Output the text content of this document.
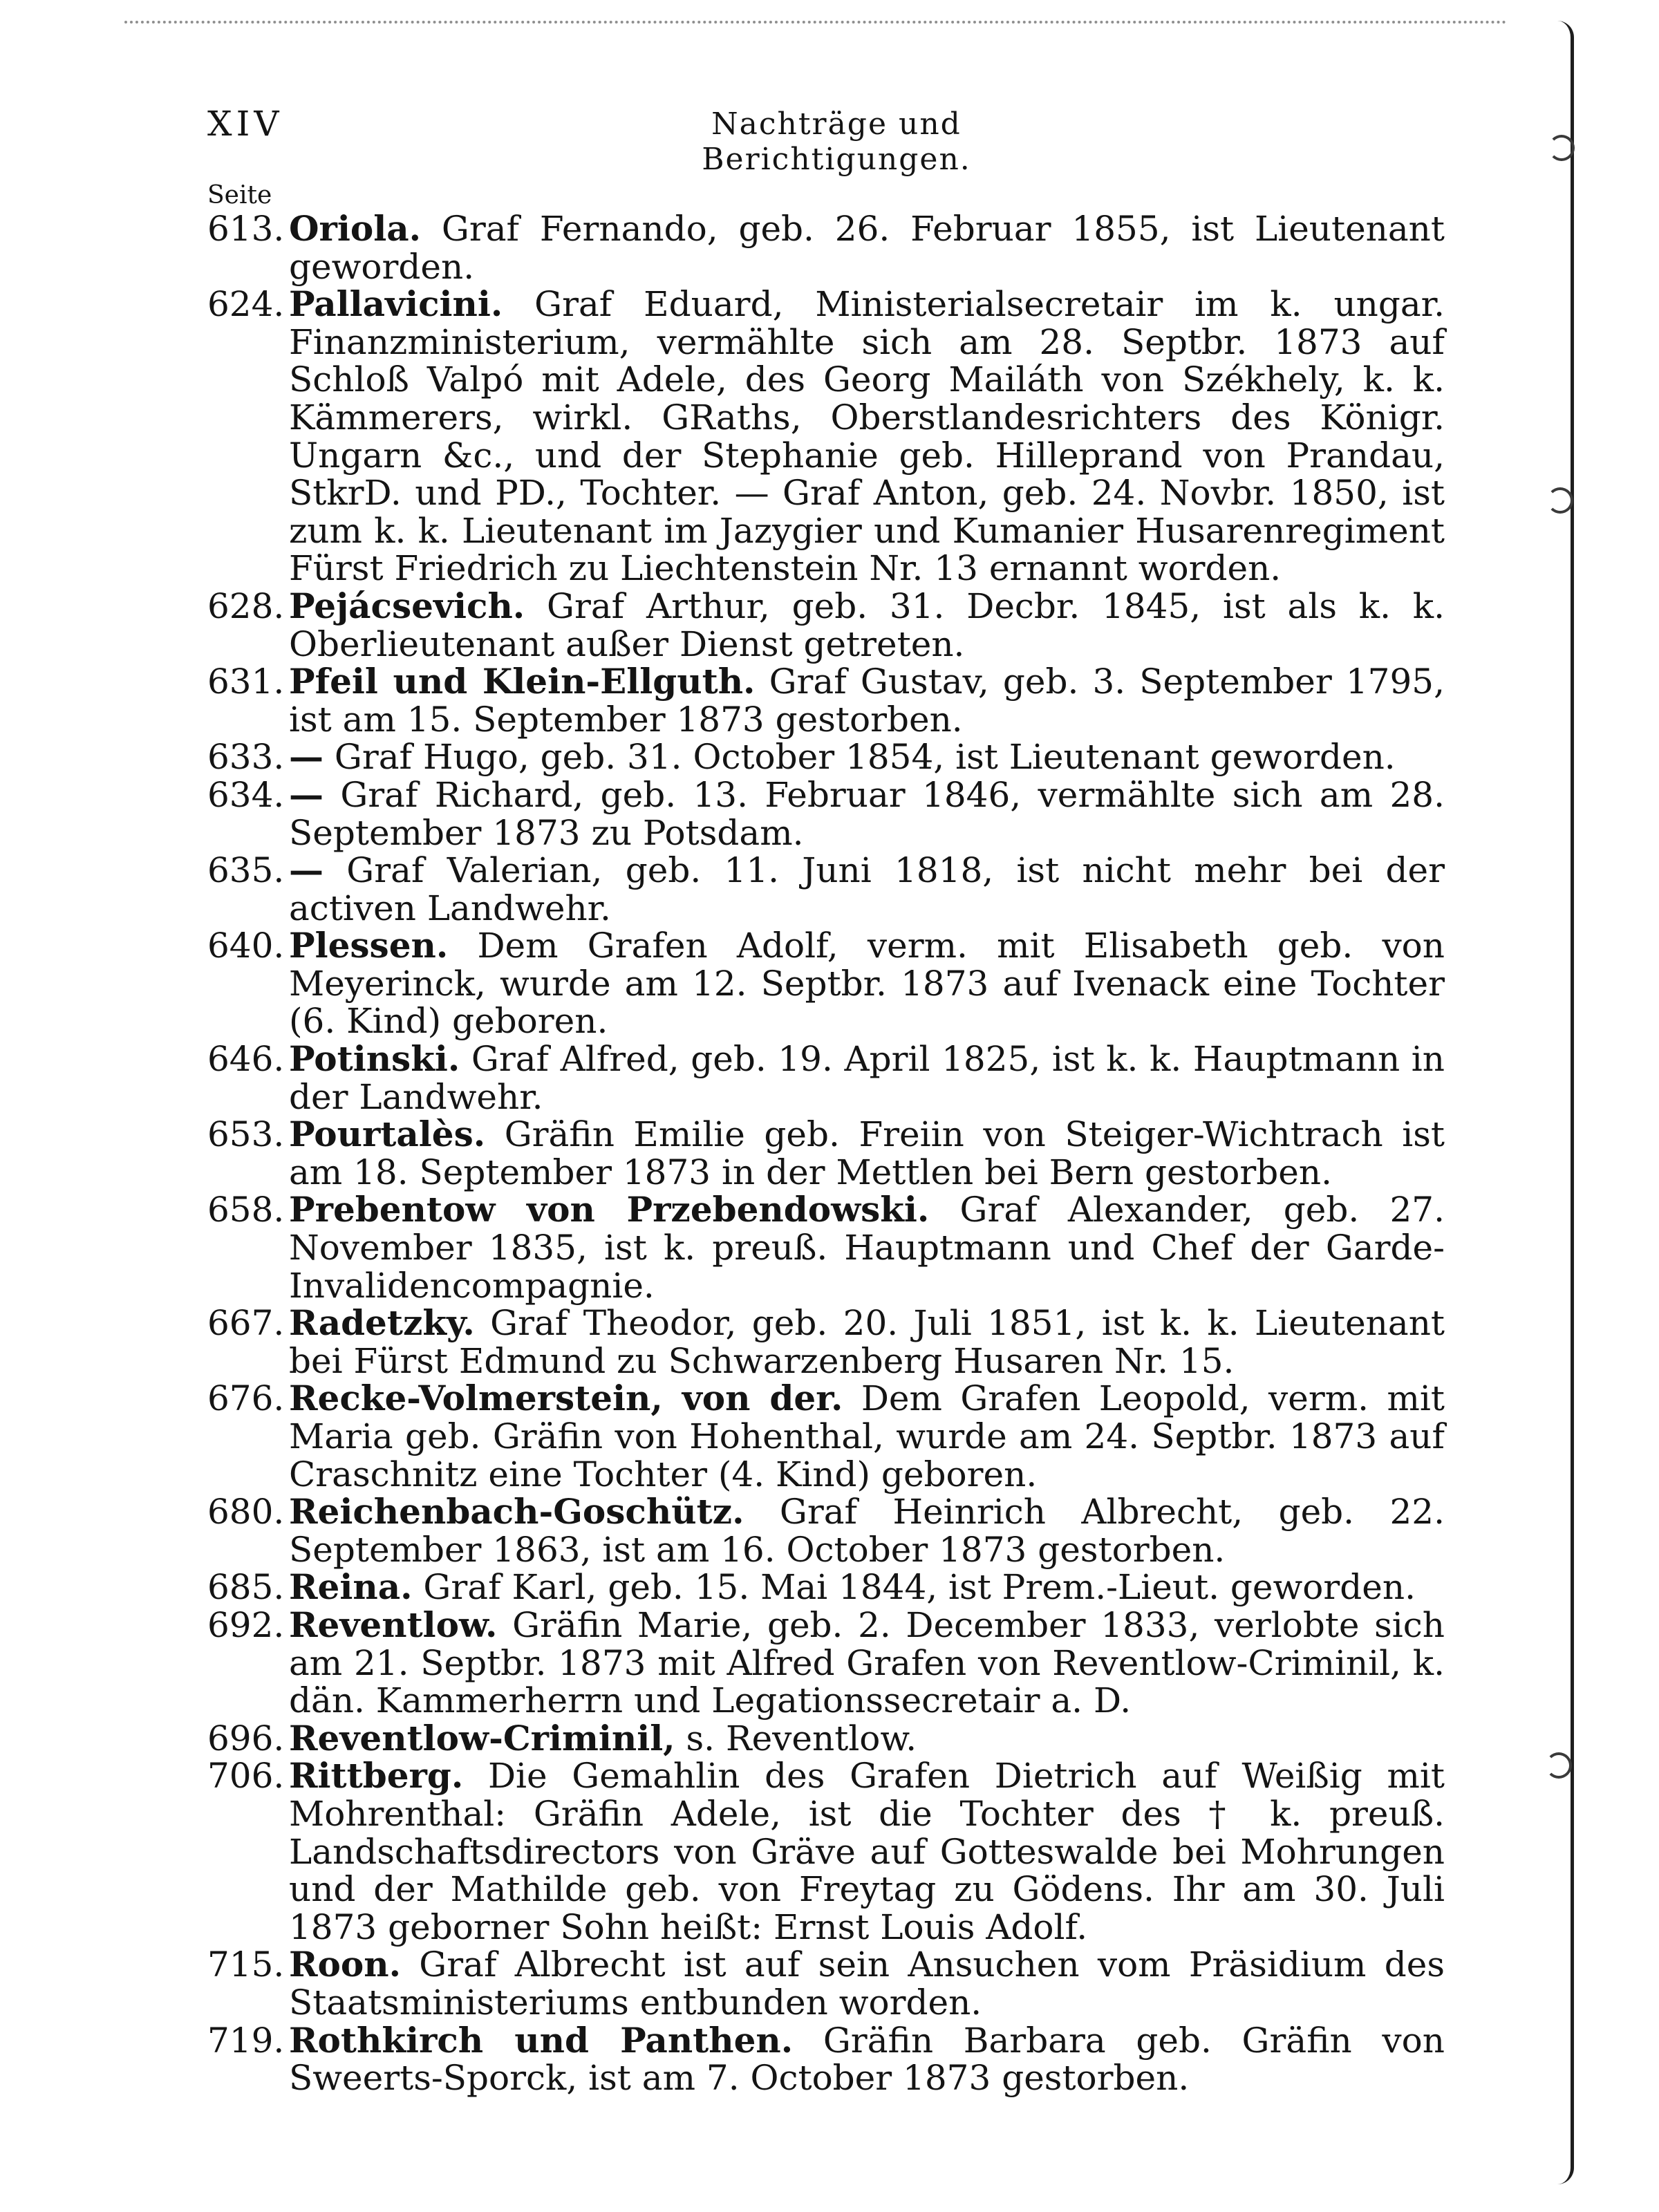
XIV	Nachträge und Berichtigungen.
Seite
613. Oriola. Graf Fernando, geb. 26. Februar 1855, ist Lieutenant geworden.
624. Pallavicini. Graf Eduard, Ministerialsecretair im k. ungar. Finanzministerium, vermählte sich am 28. Septbr. 1873 auf Schloß Valpó mit Adele, des Georg Mailáth von Székhely, k. k. Kämmerers, wirkl. GRaths, Oberstlandesrichters des Königr. Ungarn &c., und der Stephanie geb. Hilleprand von Prandau, StkrD. und PD., Tochter. — Graf Anton, geb. 24. Novbr. 1850, ist zum k. k. Lieutenant im Jazygier und Kumanier Husarenregiment Fürst Friedrich zu Liechtenstein Nr. 13 ernannt worden.
628. Pejácsevich. Graf Arthur, geb. 31. Decbr. 1845, ist als k. k. Oberlieutenant außer Dienst getreten.
631. Pfeil und Klein-Ellguth. Graf Gustav, geb. 3. September 1795, ist am 15. September 1873 gestorben.
633. — Graf Hugo, geb. 31. October 1854, ist Lieutenant geworden.
634. — Graf Richard, geb. 13. Februar 1846, vermählte sich am 28. September 1873 zu Potsdam.
635. — Graf Valerian, geb. 11. Juni 1818, ist nicht mehr bei der activen Landwehr.
640. Plessen. Dem Grafen Adolf, verm. mit Elisabeth geb. von Meyerinck, wurde am 12. Septbr. 1873 auf Ivenack eine Tochter (6. Kind) geboren.
646. Potinski. Graf Alfred, geb. 19. April 1825, ist k. k. Hauptmann in der Landwehr.
653. Pourtalès. Gräfin Emilie geb. Freiin von Steiger-Wichtrach ist am 18. September 1873 in der Mettlen bei Bern gestorben.
658. Prebentow von Przebendowski. Graf Alexander, geb. 27. November 1835, ist k. preuß. Hauptmann und Chef der Garde-Invalidencompagnie.
667. Radetzky. Graf Theodor, geb. 20. Juli 1851, ist k. k. Lieutenant bei Fürst Edmund zu Schwarzenberg Husaren Nr. 15.
676. Recke-Volmerstein, von der. Dem Grafen Leopold, verm. mit Maria geb. Gräfin von Hohenthal, wurde am 24. Septbr. 1873 auf Craschnitz eine Tochter (4. Kind) geboren.
680. Reichenbach-Goschütz. Graf Heinrich Albrecht, geb. 22. September 1863, ist am 16. October 1873 gestorben.
685. Reina. Graf Karl, geb. 15. Mai 1844, ist Prem.-Lieut. geworden.
692. Reventlow. Gräfin Marie, geb. 2. December 1833, verlobte sich am 21. Septbr. 1873 mit Alfred Grafen von Reventlow-Criminil, k. dän. Kammerherrn und Legationssecretair a. D.
696. Reventlow-Criminil, s. Reventlow.
706. Rittberg. Die Gemahlin des Grafen Dietrich auf Weißig mit Mohrenthal: Gräfin Adele, ist die Tochter des † k. preuß. Landschaftsdirectors von Gräve auf Gotteswalde bei Mohrungen und der Mathilde geb. von Freytag zu Gödens. Ihr am 30. Juli 1873 geborner Sohn heißt: Ernst Louis Adolf.
715. Roon. Graf Albrecht ist auf sein Ansuchen vom Präsidium des Staatsministeriums entbunden worden.
719. Rothkirch und Panthen. Gräfin Barbara geb. Gräfin von Sweerts-Sporck, ist am 7. October 1873 gestorben.
